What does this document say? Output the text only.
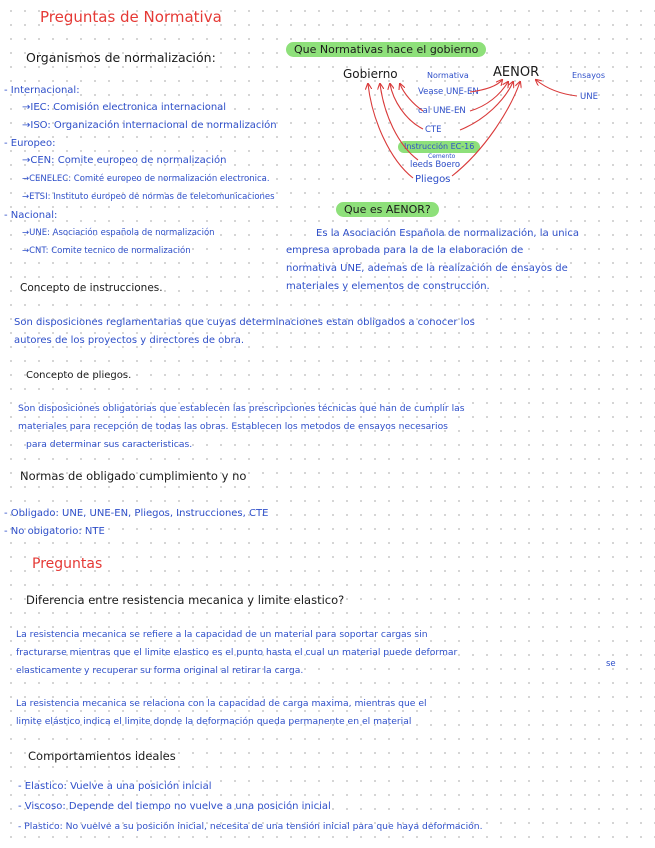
Preguntas de Normativa
Organismos de normalización:
- Internacional:
→IEC: Comisión electronica internacional
→ISO: Organización internacional de normalización
- Europeo:
→CEN: Comite europeo de normalización
→CENELEC: Comité europeo de normalización electronica.
→ETSI: Instituto europeo de normas de telecomunicaciones
- Nacional:
→UNE: Asociación española de normalización
→CNT: Comite tecnico de normalización
Que Normativas hace el gobierno
Gobierno	Normativa AENOR	Ensayos
UNE
Vease UNE-EN
cal UNE-EN
CTE
Instrucción EC-16
Cemento
leeds Boero
Pliegos
Que es AENOR?
Es la Asociación Española de normalización, la unica
empresa aprobada para la de la elaboración de
normativa UNE, ademas de la realización de ensayos de
materiales y elementos de construcción.
Concepto de instrucciones.
Son disposiciones reglamentarias que cuyas determinaciones estan obligados a conocer los
autores de los proyectos y directores de obra.
Concepto de pliegos.
Son disposiciones obligatorias que establecen las prescripciones técnicas que han de cumplir las
materiales para recepción de todas las obras. Establecen los metodos de ensayos necesarios
para determinar sus caracteristicas.
Normas de obligado cumplimiento y no
- Obligado: UNE, UNE-EN, Pliegos, Instrucciones, CTE
- No obigatorio: NTE
Preguntas
Diferencia entre resistencia mecanica y limite elastico?
La resistencia mecanica se refiere a la capacidad de un material para soportar cargas sin
fracturarse mientras que el limite elastico es el punto hasta el cual un material puede deformar
se
elasticamente y recuperar su forma original al retirar la carga.
La resistencia mecanica se relaciona con la capacidad de carga maxima, mientras que el
limite elástico indica el limite donde la deformación queda permanente en el material
Comportamientos ideales
- Elastico: Vuelve a una posición inicial
- Viscoso: Depende del tiempo no vuelve a una posición inicial
- Plastico: No vuelve a su posición inicial, necesita de una tensión inicial para que haya deformación.
